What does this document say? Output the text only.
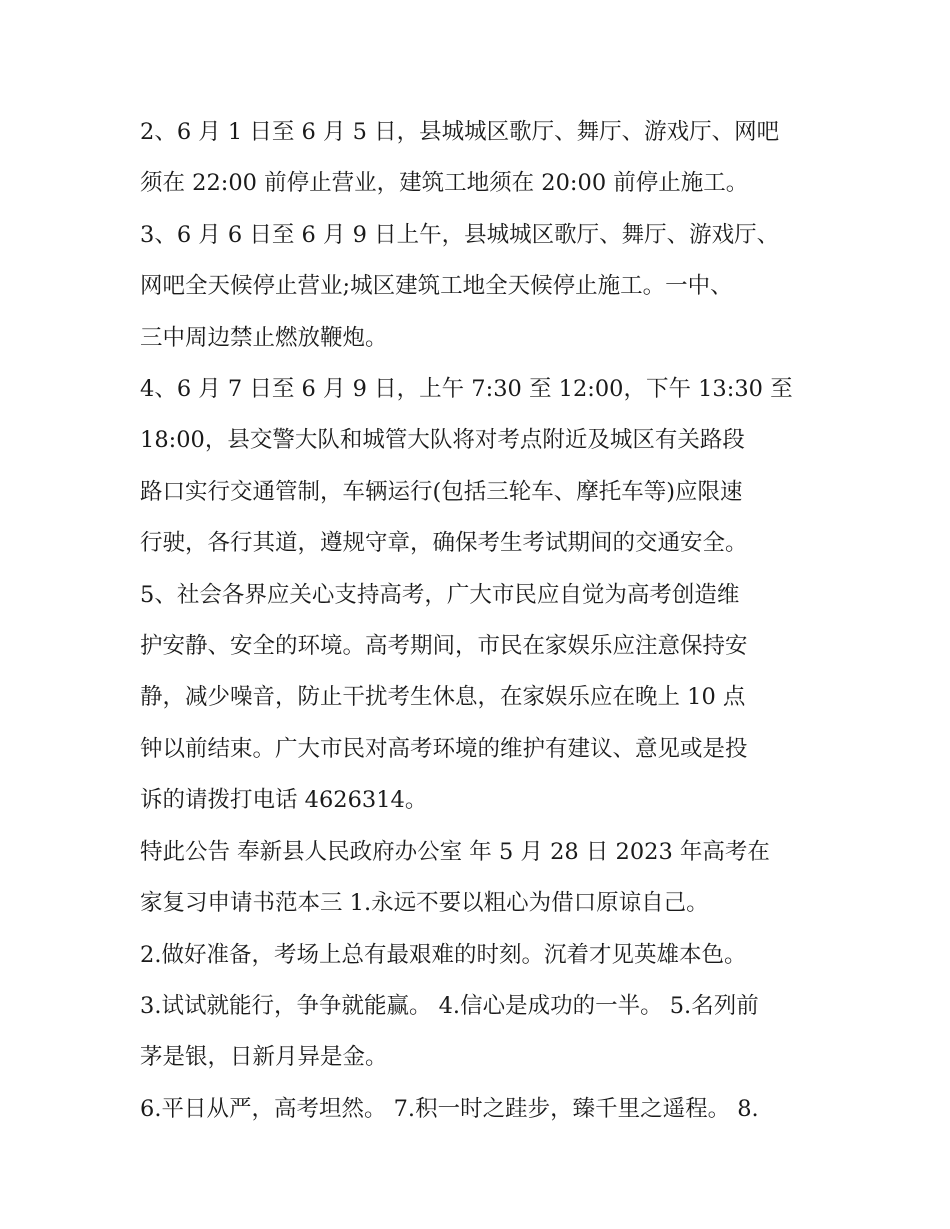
2、6 月 1 日至 6 月 5 日，县城城区歌厅、舞厅、游戏厅、网吧

须在 22:00 前停止营业，建筑工地须在 20:00 前停止施工。

3、6 月 6 日至 6 月 9 日上午，县城城区歌厅、舞厅、游戏厅、

网吧全天候停止营业;城区建筑工地全天候停止施工。一中、

三中周边禁止燃放鞭炮。

4、6 月 7 日至 6 月 9 日，上午 7:30 至 12:00，下午 13:30 至

18:00，县交警大队和城管大队将对考点附近及城区有关路段

路口实行交通管制，车辆运行(包括三轮车、摩托车等)应限速

行驶，各行其道，遵规守章，确保考生考试期间的交通安全。

5、社会各界应关心支持高考，广大市民应自觉为高考创造维

护安静、安全的环境。高考期间，市民在家娱乐应注意保持安

静，减少噪音，防止干扰考生休息，在家娱乐应在晚上 10 点

钟以前结束。广大市民对高考环境的维护有建议、意见或是投

诉的请拨打电话 4626314。

特此公告 奉新县人民政府办公室 年 5 月 28 日 2023 年高考在

家复习申请书范本三 1.永远不要以粗心为借口原谅自己。

2.做好准备，考场上总有最艰难的时刻。沉着才见英雄本色。

3.试试就能行，争争就能赢。 4.信心是成功的一半。 5.名列前

茅是银，日新月异是金。

6.平日从严，高考坦然。 7.积一时之跬步，臻千里之遥程。 8.
